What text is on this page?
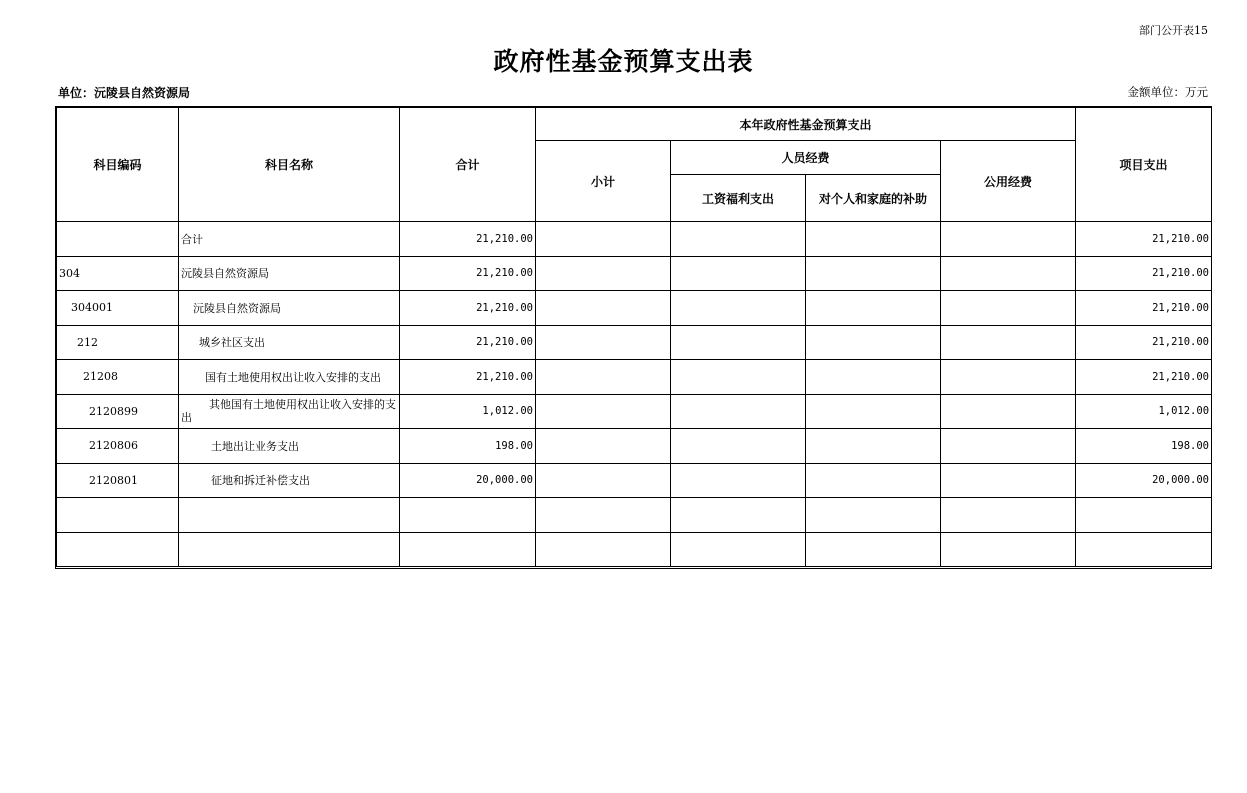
部门公开表15
政府性基金预算支出表
单位：沅陵县自然资源局	金额单位：万元
科目编码	科目名称	合计	本年政府性基金预算支出				项目支出
			小计	人员经费		公用经费	
				工资福利支出	对个人和家庭的补助		
	合计	21,210.00					21,210.00
304	沅陵县自然资源局	21,210.00					21,210.00
304001	沅陵县自然资源局	21,210.00					21,210.00
212	城乡社区支出	21,210.00					21,210.00
21208	国有土地使用权出让收入安排的支出	21,210.00					21,210.00
2120899	其他国有土地使用权出让收入安排的支出	1,012.00					1,012.00
2120806	土地出让业务支出	198.00					198.00
2120801	征地和拆迁补偿支出	20,000.00					20,000.00
